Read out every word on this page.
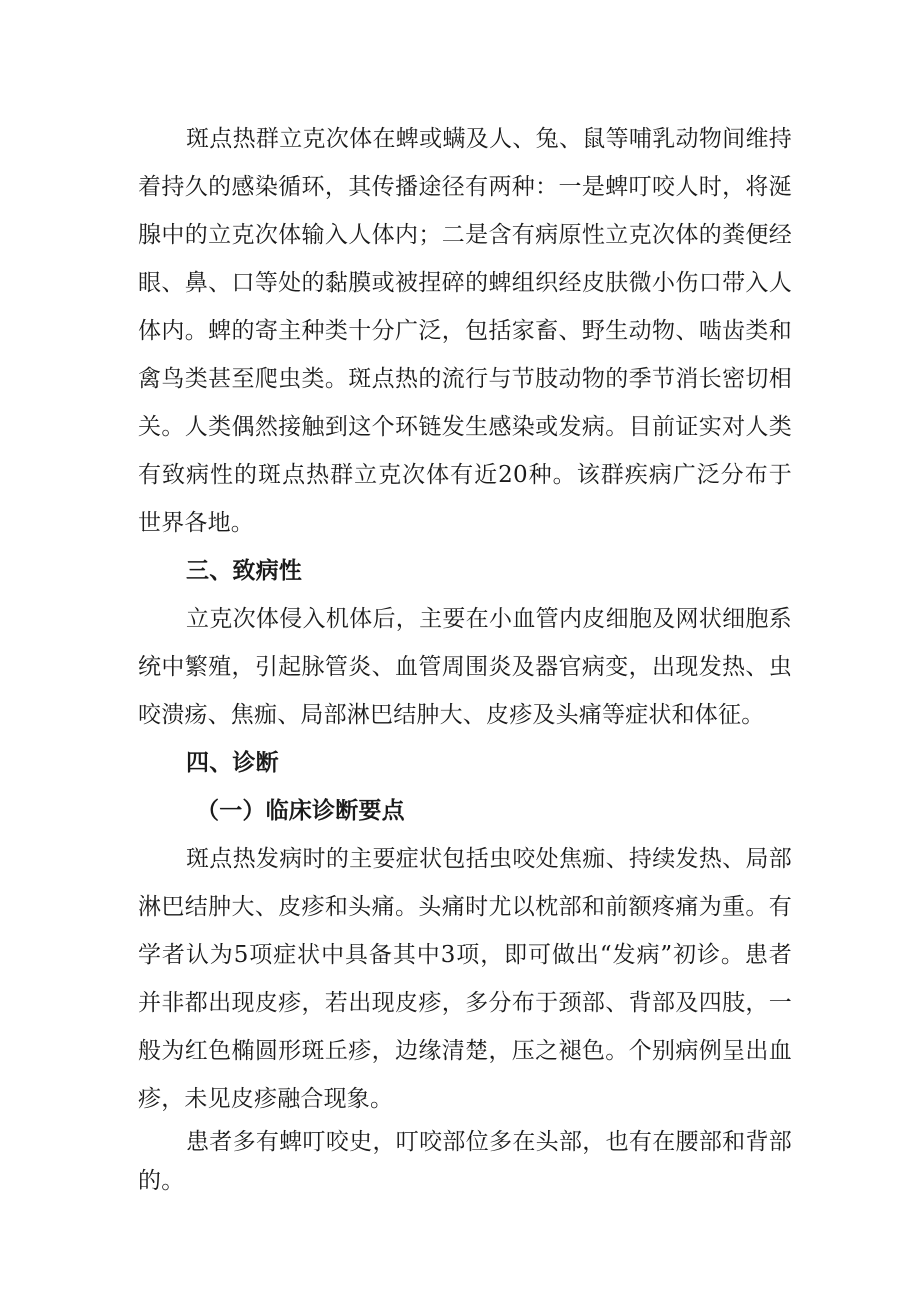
斑点热群立克次体在蜱或螨及人、兔、鼠等哺乳动物间维持着持久的感染循环，其传播途径有两种：一是蜱叮咬人时，将涎腺中的立克次体输入人体内；二是含有病原性立克次体的粪便经眼、鼻、口等处的黏膜或被捏碎的蜱组织经皮肤微小伤口带入人体内。蜱的寄主种类十分广泛，包括家畜、野生动物、啮齿类和禽鸟类甚至爬虫类。斑点热的流行与节肢动物的季节消长密切相关。人类偶然接触到这个环链发生感染或发病。目前证实对人类有致病性的斑点热群立克次体有近20种。该群疾病广泛分布于世界各地。

三、致病性

立克次体侵入机体后，主要在小血管内皮细胞及网状细胞系统中繁殖，引起脉管炎、血管周围炎及器官病变，出现发热、虫咬溃疡、焦痂、局部淋巴结肿大、皮疹及头痛等症状和体征。

四、诊断

（一）临床诊断要点

斑点热发病时的主要症状包括虫咬处焦痂、持续发热、局部淋巴结肿大、皮疹和头痛。头痛时尤以枕部和前额疼痛为重。有学者认为5项症状中具备其中3项，即可做出“发病”初诊。患者并非都出现皮疹，若出现皮疹，多分布于颈部、背部及四肢，一般为红色椭圆形斑丘疹，边缘清楚，压之褪色。个别病例呈出血疹，未见皮疹融合现象。

患者多有蜱叮咬史，叮咬部位多在头部，也有在腰部和背部的。
